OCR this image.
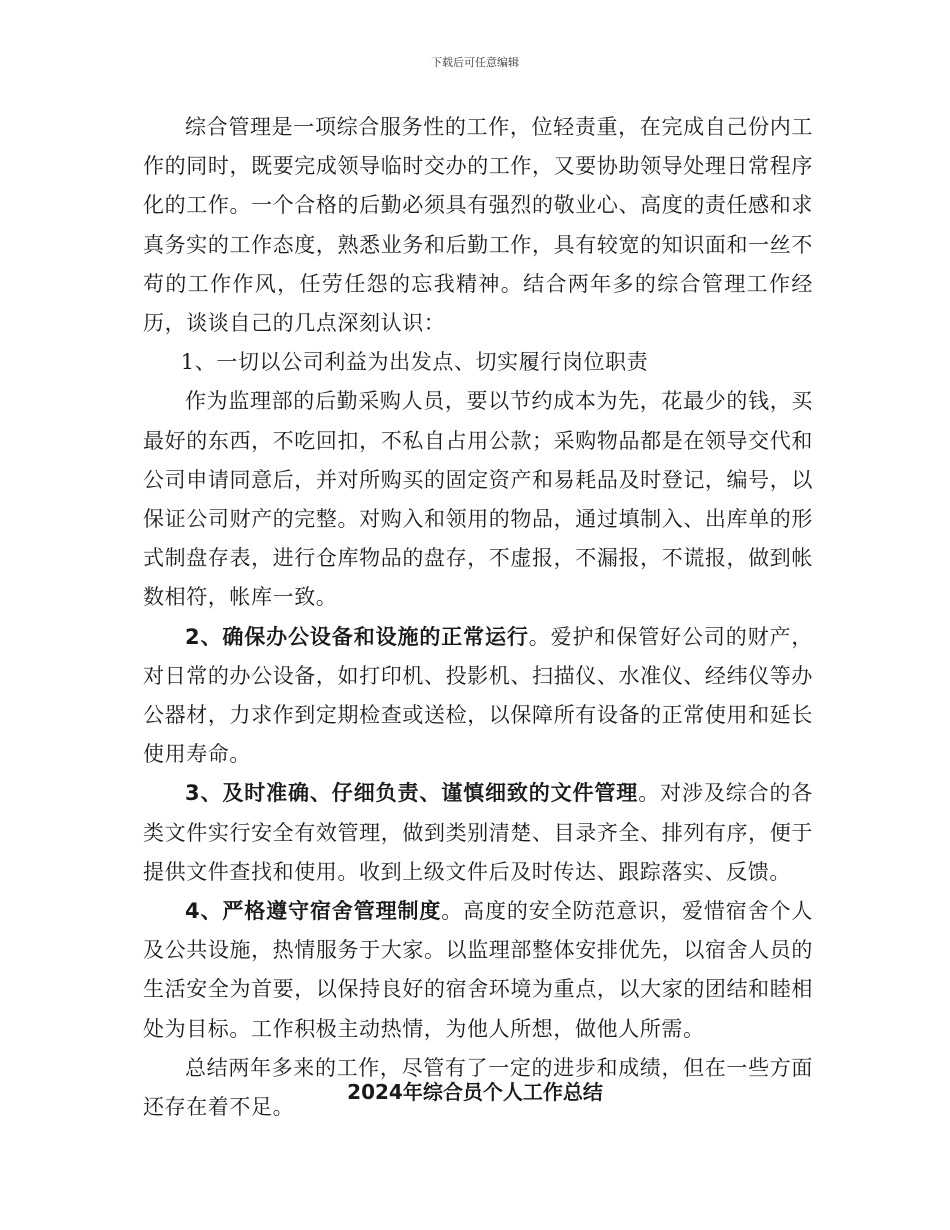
下载后可任意编辑

综合管理是一项综合服务性的工作，位轻责重，在完成自己份内工作的同时，既要完成领导临时交办的工作，又要协助领导处理日常程序化的工作。一个合格的后勤必须具有强烈的敬业心、高度的责任感和求真务实的工作态度，熟悉业务和后勤工作，具有较宽的知识面和一丝不苟的工作作风，任劳任怨的忘我精神。结合两年多的综合管理工作经历，谈谈自己的几点深刻认识：

1、一切以公司利益为出发点、切实履行岗位职责

作为监理部的后勤采购人员，要以节约成本为先，花最少的钱，买最好的东西，不吃回扣，不私自占用公款；采购物品都是在领导交代和公司申请同意后，并对所购买的固定资产和易耗品及时登记，编号，以保证公司财产的完整。对购入和领用的物品，通过填制入、出库单的形式制盘存表，进行仓库物品的盘存，不虚报，不漏报，不谎报，做到帐数相符，帐库一致。

2、确保办公设备和设施的正常运行。爱护和保管好公司的财产，对日常的办公设备，如打印机、投影机、扫描仪、水准仪、经纬仪等办公器材，力求作到定期检查或送检，以保障所有设备的正常使用和延长使用寿命。

3、及时准确、仔细负责、谨慎细致的文件管理。对涉及综合的各类文件实行安全有效管理，做到类别清楚、目录齐全、排列有序，便于提供文件查找和使用。收到上级文件后及时传达、跟踪落实、反馈。

4、严格遵守宿舍管理制度。高度的安全防范意识，爱惜宿舍个人及公共设施，热情服务于大家。以监理部整体安排优先，以宿舍人员的生活安全为首要，以保持良好的宿舍环境为重点，以大家的团结和睦相处为目标。工作积极主动热情，为他人所想，做他人所需。

总结两年多来的工作，尽管有了一定的进步和成绩，但在一些方面还存在着不足。

2024年综合员个人工作总结
